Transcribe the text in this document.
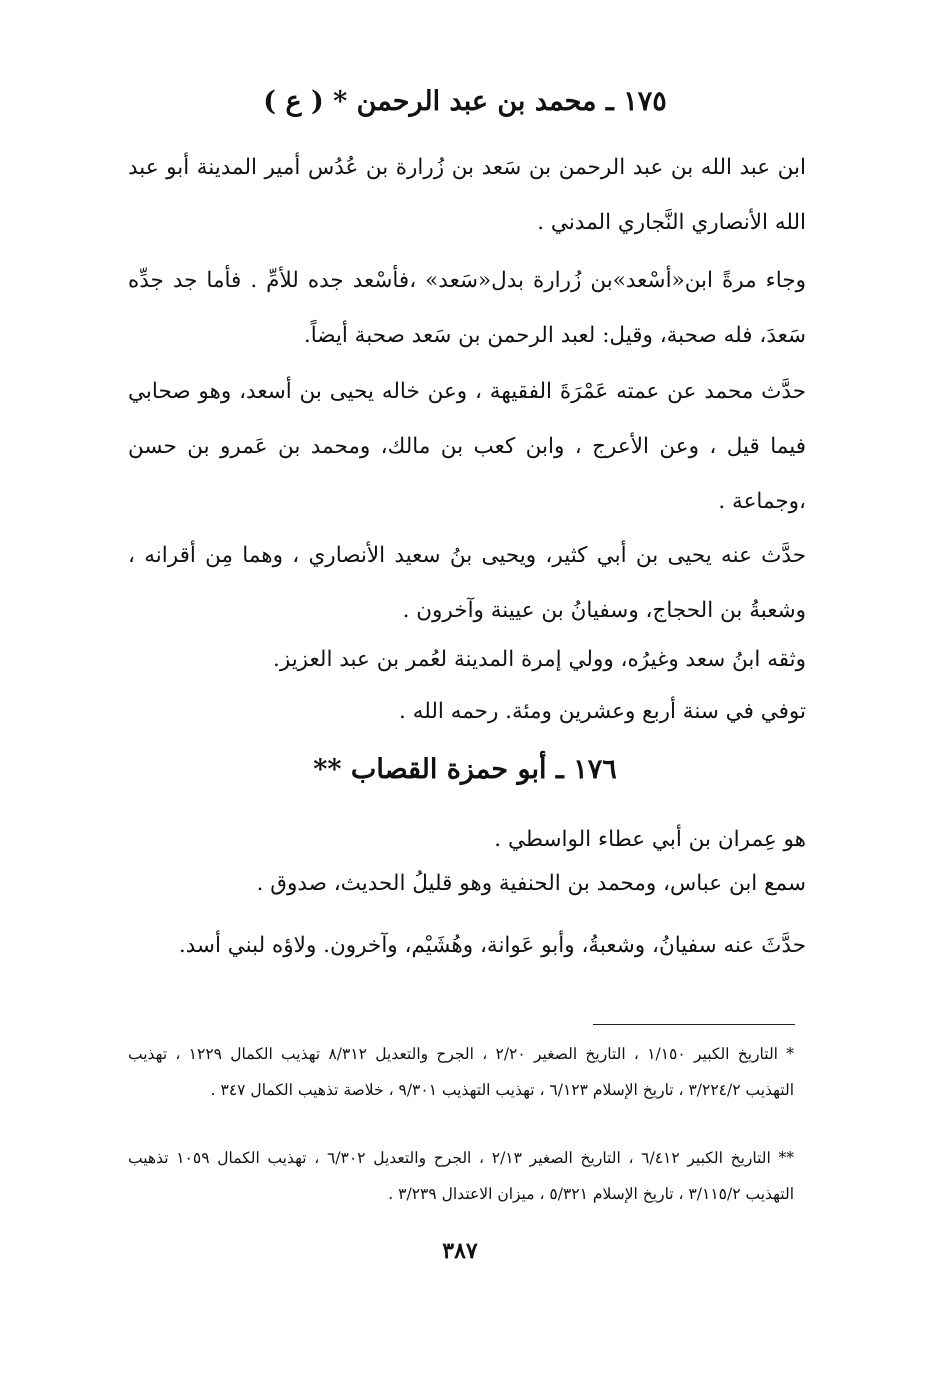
١٧٥ ـ محمد بن عبد الرحمن * ( ع )
ابن عبد الله بن عبد الرحمن بن سَعد بن زُرارة بن عُدُس أمير المدينة أبو عبد الله الأنصاري النَّجاري المدني .
وجاء مرةً ابن«أسْعد»بن زُرارة بدل«سَعد» ،فأسْعد جده للأمِّ . فأما جد جدِّه سَعدَ، فله صحبة، وقيل: لعبد الرحمن بن سَعد صحبة أيضاً.
حدَّث محمد عن عمته عَمْرَةَ الفقيهة ، وعن خاله يحيى بن أسعد، وهو صحابي فيما قيل ، وعن الأعرج ، وابن كعب بن مالك، ومحمد بن عَمرو بن حسن ،وجماعة .
حدَّث عنه يحيى بن أبي كثير، ويحيى بنُ سعيد الأنصاري ، وهما مِن أقرانه ، وشعبةُ بن الحجاج، وسفيانُ بن عيينة وآخرون .
وثقه ابنُ سعد وغيرُه، وولي إمرة المدينة لعُمر بن عبد العزيز.
توفي في سنة أربع وعشرين ومئة. رحمه الله .
١٧٦ ـ أبو حمزة القصاب **
هو عِمران بن أبي عطاء الواسطي .
سمع ابن عباس، ومحمد بن الحنفية وهو قليلُ الحديث، صدوق .
حدَّثَ عنه سفيانُ، وشعبةُ، وأبو عَوانة، وهُشَيْم، وآخرون. ولاؤه لبني أسد.
* التاريخ الكبير ١/١٥٠ ، التاريخ الصغير ٢/٢٠ ، الجرح والتعديل ٨/٣١٢ تهذيب الكمال ١٢٢٩ ، تهذيب التهذيب ٣/٢٢٤/٢ ، تاريخ الإسلام ٦/١٢٣ ، تهذيب التهذيب ٩/٣٠١ ، خلاصة تذهيب الكمال ٣٤٧ .
** التاريخ الكبير ٦/٤١٢ ، التاريخ الصغير ٢/١٣ ، الجرح والتعديل ٦/٣٠٢ ، تهذيب الكمال ١٠٥٩ تذهيب التهذيب ٣/١١٥/٢ ، تاريخ الإسلام ٥/٣٢١ ، ميزان الاعتدال ٣/٢٣٩ .
٣٨٧
